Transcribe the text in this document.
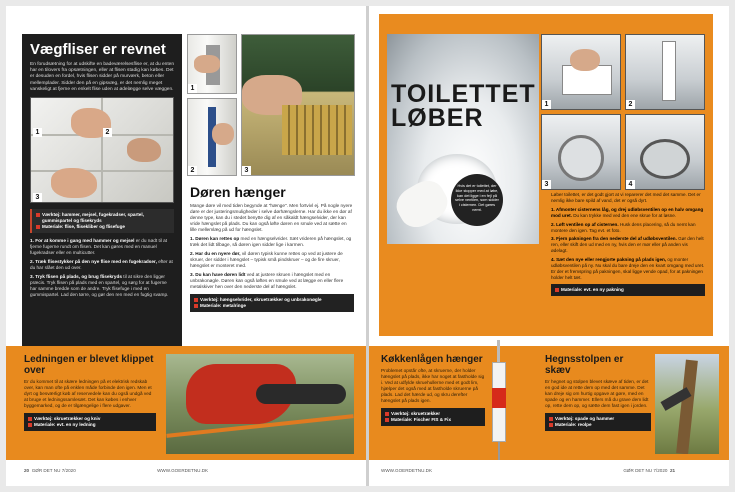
Vægfliser er revnet

En forudsætning for at udskifte en badeværelsesflise er, at du enten har en tilovers fra opsætningen, eller at flisen stadig kan købes. Det er desuden en fordel, hvis flisen sidder på murværk, beton eller mellemplader. Sidder den på en gipsvæg, er det nemlig meget vanskeligt at fjerne en enkelt flise uden at ødelægge selve væggen.

1	2
3
Værktøj: hammer, mejsel, fugekradser, spartel, gummispartel og flisekryds
Materiale: flise, flisekliber og flisefuge

1. For at komme i gang med hammer og mejsel er du nødt til at fjerne fugerne rundt om flisen. Det kan gøres med en manuel fugekradser eller en multicutter.

2. Træk flisestykker på den nye flise med en fugekradser, efter at du har slået den ud over.

3. Tryk flisen på plads, og brug flisekryds til at sikre den ligger præcis. Tryk flisen på plads med en spartel, og sørg for at fugerne har samme bredde som de andre. Tryk flisefuge i med en gummispartel. Lad den tørre, og gør den ren med en fugtig svamp.

1
2	3
Døren hænger

Mange døre vil med tiden begynde at "hænge". Men fortvivl ej. På nogle nyere døre er der justeringsmuligheder i selve dørhængslerne. Har du ikke en dør af denne type, kan du i stedet benytte dig af en såkaldt hængselvider, der kan vride hængslet på plads. Du kan også løfte døren en smule ved at sætte en lille mellemlæg på ud for hængslet.

1. Døren kan rettes op med en hængselvrider. Sæt vrideren på hængslet, og træk det lidt tilbage, så døren igen sidder lige i karmen.

2. Har du en nyere dør, vil døren typisk kunne rettes op ved at justere de skruer, der sidder i hængslet – typisk små pindskruer – og de fire skruer, hængslet er monteret med.

3. Du kan have døren lidt ved at justere skruen i hængslet med en unbrakonøgle. Døren kan også løftes en smule ved at lægge en eller flere metalskiver hen over den nederste del af hængslet.

Værktøj: hængselvrider, skruetrækker og unbrakonøgle
Materiale: metalringe
Ledningen er blevet klippet over

Er du kommet til at skære ledningen på et elektrisk redskab over, kan man ofte på enklen måde forbinde den igen. Men et dyrt og besværligt køb af reservedele kan du også undgå ved at bruge et ledningssamlesæt. Det kan købes i enhver byggemarked, og de er tilgængelige i flere udgaver.

Værktøj: skruetrækker og kniv
Materiale: evt. en ny ledning
20 GØR DET NU 7/2020	WWW.GOERDETNU.DK
TOILETTET
LØBER
Hvis det er toilettet, der ikke stopper med at løbe, kan det ligge i en fejl på selve ventilen, som sidder i cisternen. Det gøres nemt.
1	2
3	4

Løber toilettet, er det godt gjort at vi reparerer det med det samme. Det er nemlig ikke bare spild af vand, det er også dyrt.

1. Afmonter cisternens låg, og drej udløbsventilen op en halv omgang mod uret. Du kan trykke med ved den ene skrue for at løsne.

2. Løft ventilen op af cisternen. Husk dens placering, så du nemt kan montere den igen. Tag evt. et foto.

3. Fjern pakningen fra den nederste del af udløbsventilen. Gør den helt ren, eller skift den ud med en ny, hvis den er mør eller på anden vis ødelagt.

4. Sæt den nye eller rengjorte pakning på plads igen, og monter udløbsventilen på ny. Nu skal du bare dreje den en kvart omgang med uret. Er der et fremspring på pakningen, skal ligge vende opad, for at pakningen holder helt tæt.

Materiale: evt. en ny pakning
Køkkenlågen hænger

Problemet opstår ofte, at skruerne, der holder hængslet på plads, ikke har noget at fastholde sig i. Ved at udfylde skruehullerne med et godt lim, hjælper det også med at fastholde skruerne på plads. Lad det hærde ud, og skru derefter hængslet på plads igen.

Værktøj: skruetrækker
Materiale: Fischer FIS & Fix
Hegnsstolpen er skæv

Er hegnet og stolpen blevet skæve af tiden, er det en god ide at rette dem op med det samme. Det kan dreje sig om hurtig opgave at gøre, med en spade og en hammer. Ellers må du grave dem lidt op, rette dem op, og sætte dem fast igen i jorden.

Værktøj: spade og hammer
Materiale: reolpe
WWW.GOERDETNU.DK	GØR DET NU 7/2020 21
